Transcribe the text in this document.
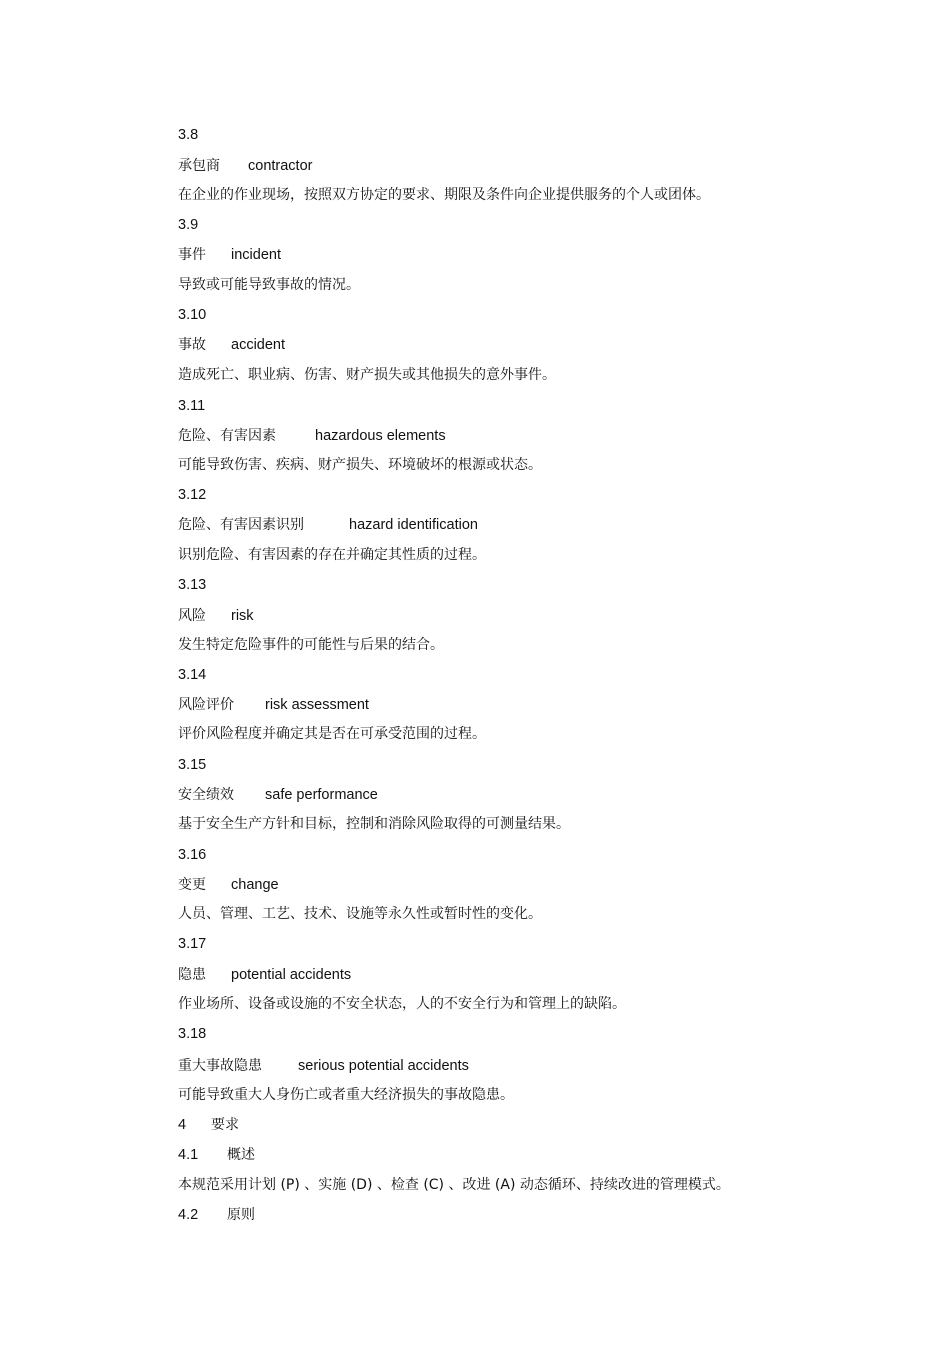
3.8
承包商 contractor
在企业的作业现场，按照双方协定的要求、期限及条件向企业提供服务的个人或团体。
3.9
事件 incident
导致或可能导致事故的情况。
3.10
事故 accident
造成死亡、职业病、伤害、财产损失或其他损失的意外事件。
3.11
危险、有害因素	hazardous elements
可能导致伤害、疾病、财产损失、环境破坏的根源或状态。
3.12
危险、有害因素识别	hazard identification
识别危险、有害因素的存在并确定其性质的过程。
3.13
风险 risk
发生特定危险事件的可能性与后果的结合。
3.14
风险评价 risk assessment
评价风险程度并确定其是否在可承受范围的过程。
3.15
安全绩效 safe performance
基于安全生产方针和目标，控制和消除风险取得的可测量结果。
3.16
变更 change
人员、管理、工艺、技术、设施等永久性或暂时性的变化。
3.17
隐患 potential accidents
作业场所、设备或设施的不安全状态，人的不安全行为和管理上的缺陷。
3.18
重大事故隐患 serious potential accidents
可能导致重大人身伤亡或者重大经济损失的事故隐患。
4 要求
4.1 概述
本规范采用计划 (P) 、实施 (D) 、检查 (C) 、改进 (A) 动态循环、持续改进的管理模式。
4.2 原则
